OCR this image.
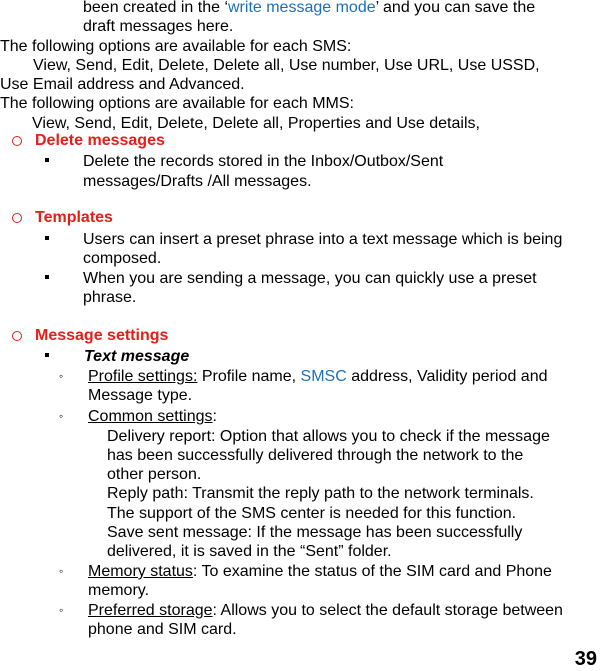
been created in the ‘write message mode’ and you can save the
draft messages here.
The following options are available for each SMS:
View, Send, Edit, Delete, Delete all, Use number, Use URL, Use USSD,
Use Email address and Advanced.
The following options are available for each MMS:
View, Send, Edit, Delete, Delete all, Properties and Use details,
Delete messages
Delete the records stored in the Inbox/Outbox/Sent
messages/Drafts /All messages.
Templates
Users can insert a preset phrase into a text message which is being
composed.
When you are sending a message, you can quickly use a preset
phrase.
Message settings
Text message
◦ Profile settings: Profile name, SMSC address, Validity period and
Message type.
◦ Common settings:
Delivery report: Option that allows you to check if the message
has been successfully delivered through the network to the
other person.
Reply path: Transmit the reply path to the network terminals.
The support of the SMS center is needed for this function.
Save sent message: If the message has been successfully
delivered, it is saved in the “Sent” folder.
◦ Memory status: To examine the status of the SIM card and Phone
memory.
◦ Preferred storage: Allows you to select the default storage between
phone and SIM card.
39
